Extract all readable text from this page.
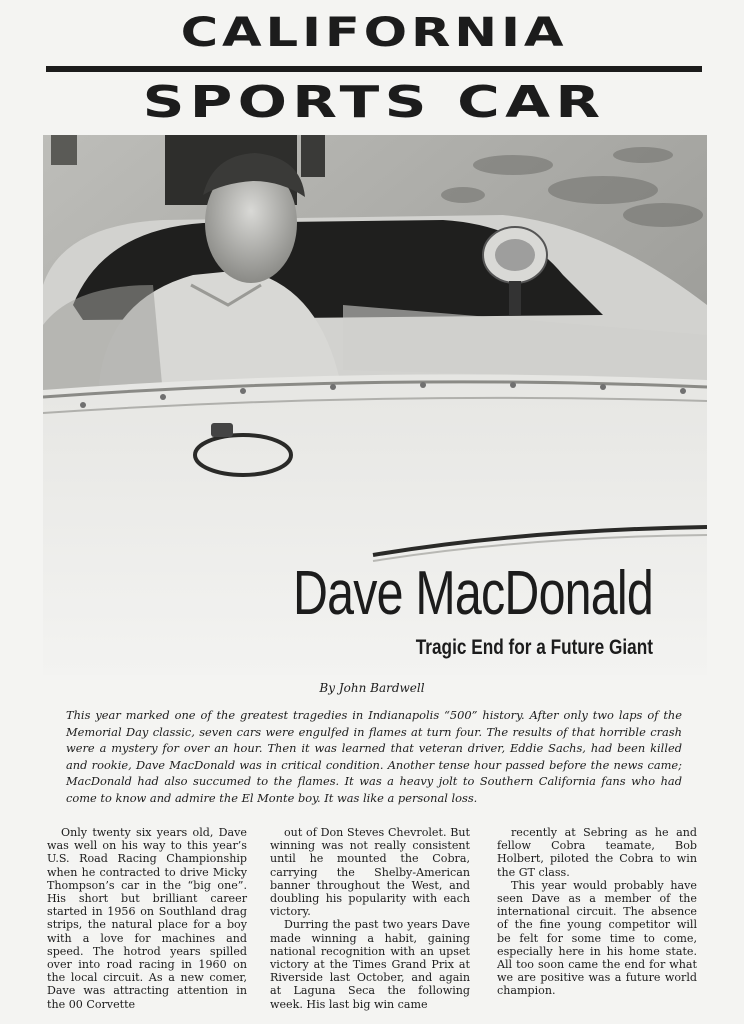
CALIFORNIA
SPORTS CAR
Dave MacDonald
Tragic End for a Future Giant
By John Bardwell
This year marked one of the greatest tragedies in Indianapolis “500” history. After only two laps of the Memorial Day classic, seven cars were engulfed in flames at turn four. The results of that horrible crash were a mystery for over an hour. Then it was learned that veteran driver, Eddie Sachs, had been killed and rookie, Dave MacDonald was in critical condition. Another tense hour passed before the news came; MacDonald had also succumed to the flames. It was a heavy jolt to Southern California fans who had come to know and admire the El Monte boy. It was like a personal loss.

Only twenty six years old, Dave was well on his way to this year’s U.S. Road Racing Championship when he contracted to drive Micky Thompson’s car in the “big one”. His short but brilliant career started in 1956 on Southland drag strips, the natural place for a boy with a love for machines and speed. The hotrod years spilled over into road racing in 1960 on the local circuit. As a new comer, Dave was attracting attention in the 00 Corvette

out of Don Steves Chevrolet. But winning was not really consistent until he mounted the Cobra, carrying the Shelby-American banner throughout the West, and doubling his popularity with each victory.

Durring the past two years Dave made winning a habit, gaining national recognition with an upset victory at the Times Grand Prix at Riverside last October, and again at Laguna Seca the following week. His last big win came

recently at Sebring as he and fellow Cobra teamate, Bob Holbert, piloted the Cobra to win the GT class.

This year would probably have seen Dave as a member of the international circuit. The absence of the fine young competitor will be felt for some time to come, especially here in his home state. All too soon came the end for what we are positive was a future world champion.
